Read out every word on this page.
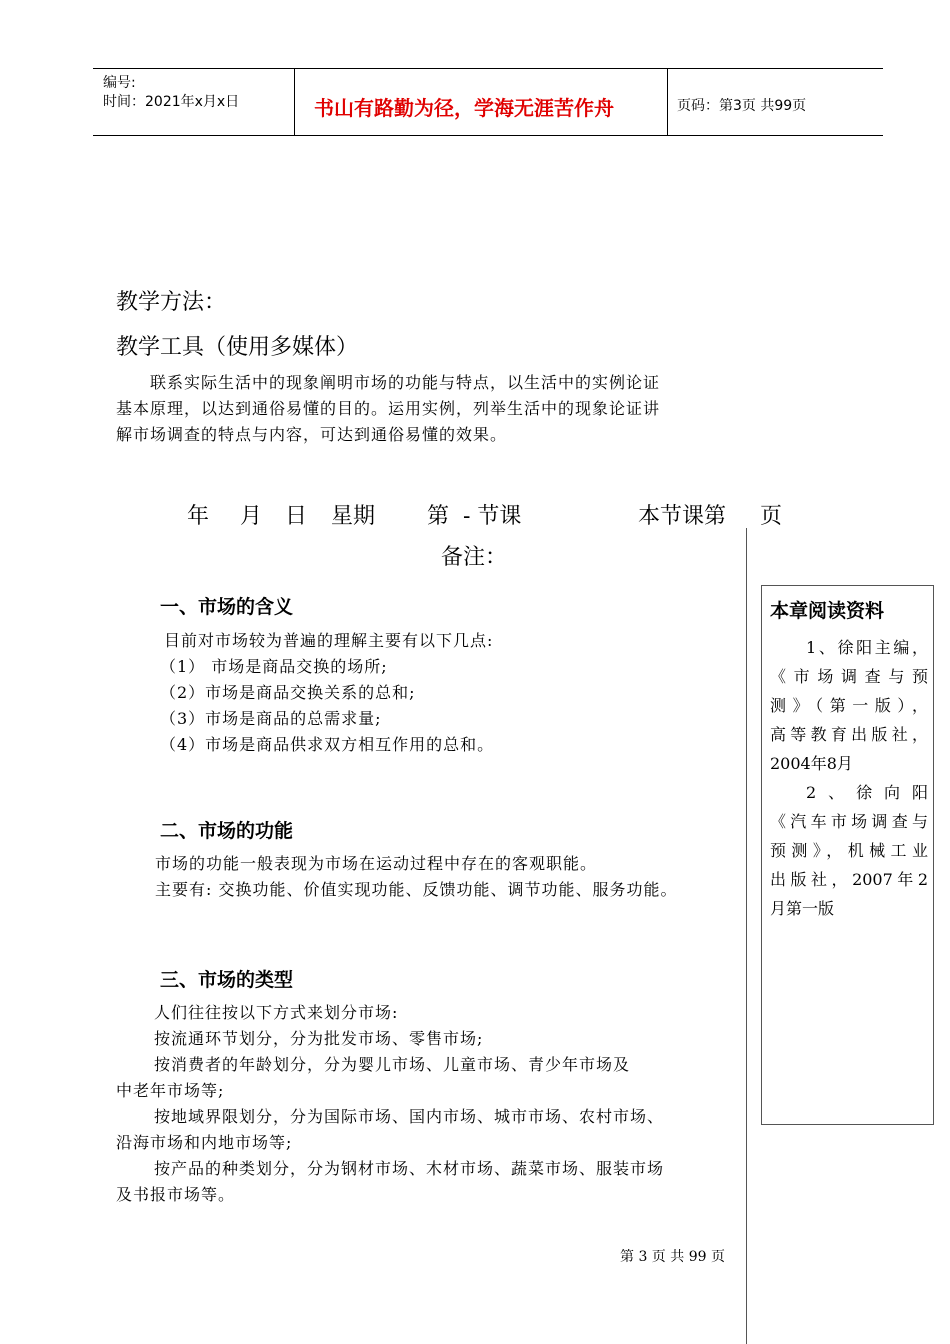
编号:
时间：2021年x月x日	书山有路勤为径，学海无涯苦作舟	页码：第3页 共99页
教学方法：
教学工具（使用多媒体）
联系实际生活中的现象阐明市场的功能与特点，以生活中的实例论证
基本原理，以达到通俗易懂的目的。运用实例，列举生活中的现象论证讲
解市场调查的特点与内容，可达到通俗易懂的效果。
年 月 日 星期 第  - 节课	本节课第 页
备注：
一、市场的含义
目前对市场较为普遍的理解主要有以下几点:
（1） 市场是商品交换的场所;
（2）市场是商品交换关系的总和;
（3）市场是商品的总需求量;
（4）市场是商品供求双方相互作用的总和。
二、市场的功能
市场的功能一般表现为市场在运动过程中存在的客观职能。
主要有: 交换功能、价值实现功能、反馈功能、调节功能、服务功能。
三、市场的类型
人们往往按以下方式来划分市场:
按流通环节划分，分为批发市场、零售市场;
按消费者的年龄划分，分为婴儿市场、儿童市场、青少年市场及
中老年市场等;
按地域界限划分，分为国际市场、国内市场、城市市场、农村市场、
沿海市场和内地市场等;
按产品的种类划分，分为钢材市场、木材市场、蔬菜市场、服装市场
及书报市场等。
本章阅读资料
1、徐阳主编，
《市场调查与预
测》（第一版），
高等教育出版社，
2004年8月
2、徐向阳
《汽车市场调查与
预测》，机械工业
出版社，2007年2
月第一版
第 3 页 共 99 页
